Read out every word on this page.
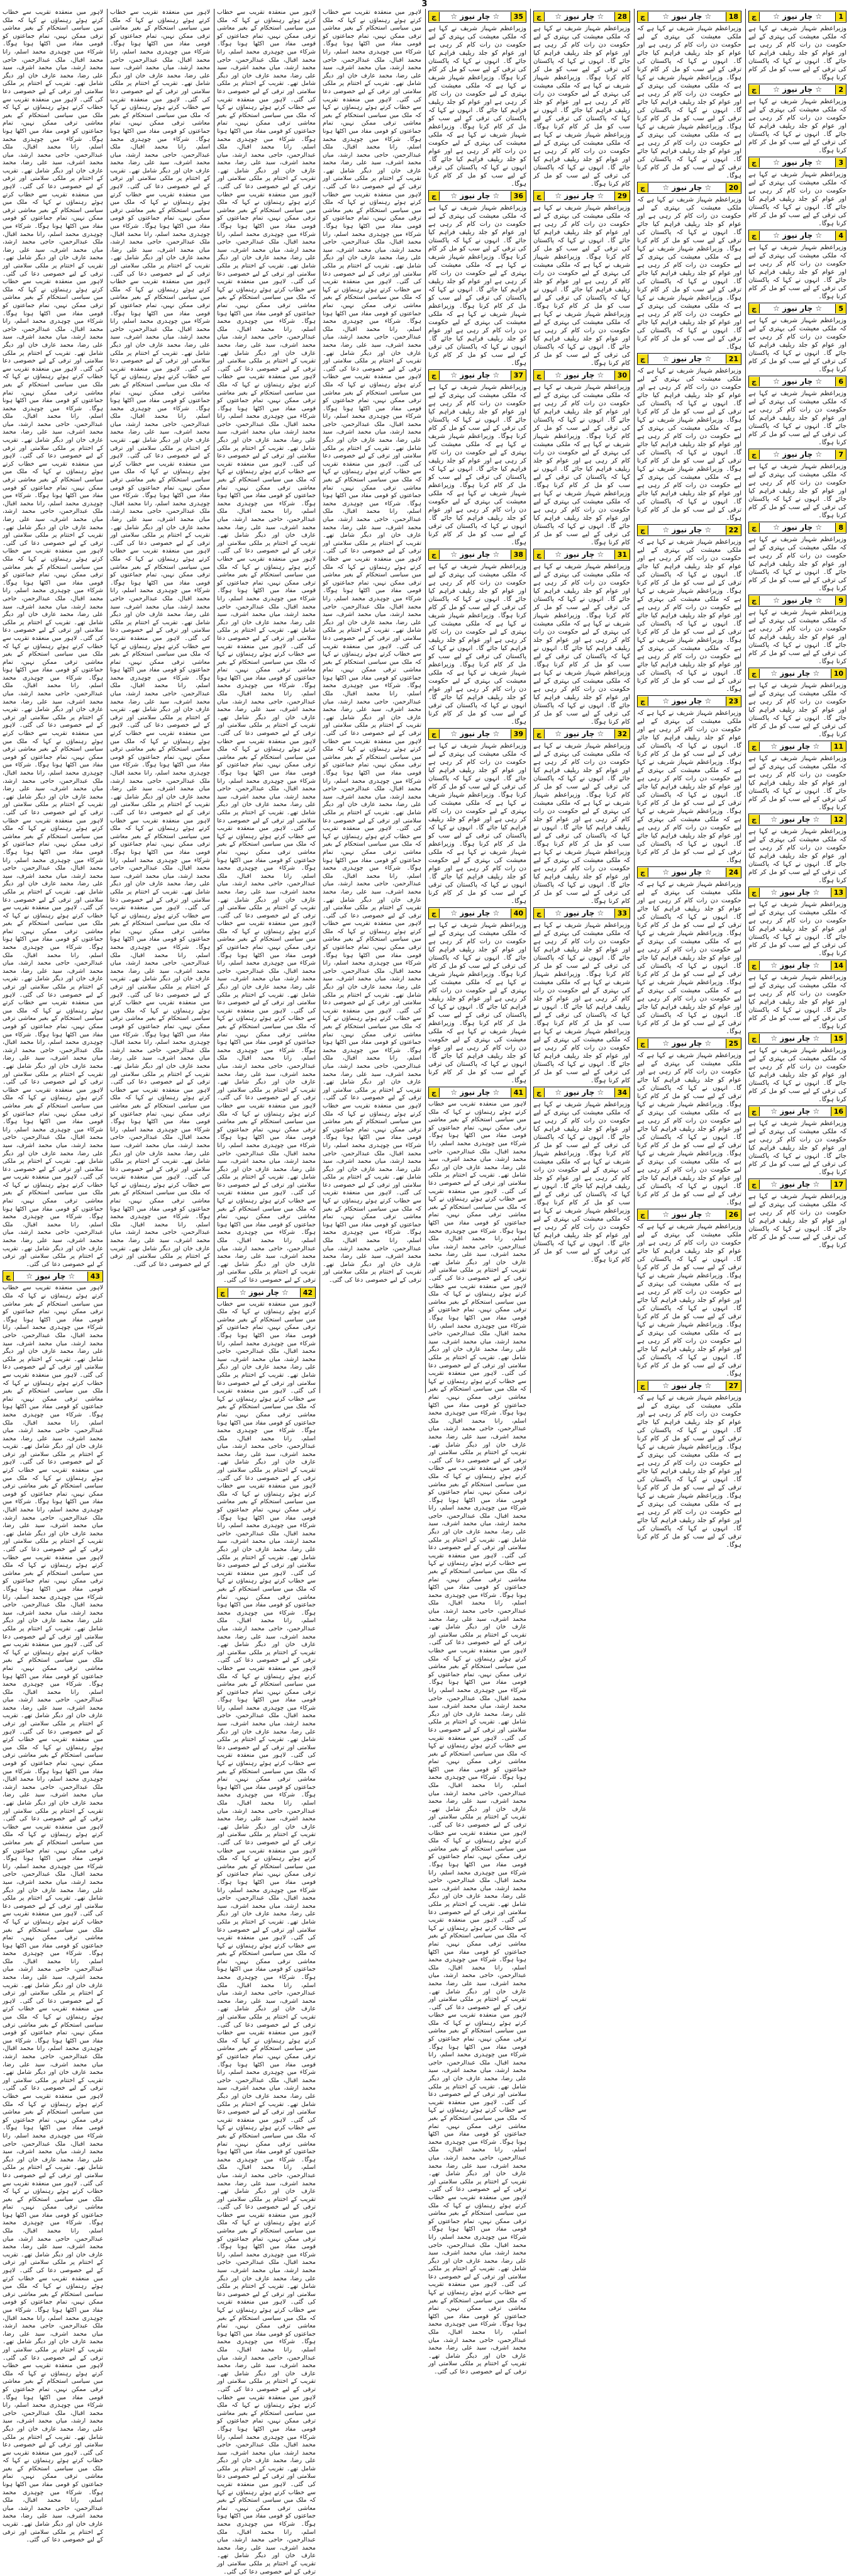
3
1
☆ چار نیوز ☆
چ
وزیراعظم شہباز شریف نے کہا ہے کہ ملکی معیشت کی بہتری کے لیے حکومت دن رات کام کر رہی ہے اور عوام کو جلد ریلیف فراہم کیا جائے گا۔ انہوں نے کہا کہ پاکستان کی ترقی کے لیے سب کو مل کر کام کرنا ہوگا۔
2
☆ چار نیوز ☆
چ
وزیراعظم شہباز شریف نے کہا ہے کہ ملکی معیشت کی بہتری کے لیے حکومت دن رات کام کر رہی ہے اور عوام کو جلد ریلیف فراہم کیا جائے گا۔ انہوں نے کہا کہ پاکستان کی ترقی کے لیے سب کو مل کر کام کرنا ہوگا۔
3
☆ چار نیوز ☆
چ
وزیراعظم شہباز شریف نے کہا ہے کہ ملکی معیشت کی بہتری کے لیے حکومت دن رات کام کر رہی ہے اور عوام کو جلد ریلیف فراہم کیا جائے گا۔ انہوں نے کہا کہ پاکستان کی ترقی کے لیے سب کو مل کر کام کرنا ہوگا۔
4
☆ چار نیوز ☆
چ
وزیراعظم شہباز شریف نے کہا ہے کہ ملکی معیشت کی بہتری کے لیے حکومت دن رات کام کر رہی ہے اور عوام کو جلد ریلیف فراہم کیا جائے گا۔ انہوں نے کہا کہ پاکستان کی ترقی کے لیے سب کو مل کر کام کرنا ہوگا۔
5
☆ چار نیوز ☆
چ
وزیراعظم شہباز شریف نے کہا ہے کہ ملکی معیشت کی بہتری کے لیے حکومت دن رات کام کر رہی ہے اور عوام کو جلد ریلیف فراہم کیا جائے گا۔ انہوں نے کہا کہ پاکستان کی ترقی کے لیے سب کو مل کر کام کرنا ہوگا۔
6
☆ چار نیوز ☆
چ
وزیراعظم شہباز شریف نے کہا ہے کہ ملکی معیشت کی بہتری کے لیے حکومت دن رات کام کر رہی ہے اور عوام کو جلد ریلیف فراہم کیا جائے گا۔ انہوں نے کہا کہ پاکستان کی ترقی کے لیے سب کو مل کر کام کرنا ہوگا۔
7
☆ چار نیوز ☆
چ
وزیراعظم شہباز شریف نے کہا ہے کہ ملکی معیشت کی بہتری کے لیے حکومت دن رات کام کر رہی ہے اور عوام کو جلد ریلیف فراہم کیا جائے گا۔ انہوں نے کہا کہ پاکستان کی ترقی کے لیے سب کو مل کر کام کرنا ہوگا۔
8
☆ چار نیوز ☆
چ
وزیراعظم شہباز شریف نے کہا ہے کہ ملکی معیشت کی بہتری کے لیے حکومت دن رات کام کر رہی ہے اور عوام کو جلد ریلیف فراہم کیا جائے گا۔ انہوں نے کہا کہ پاکستان کی ترقی کے لیے سب کو مل کر کام کرنا ہوگا۔
9
☆ چار نیوز ☆
چ
وزیراعظم شہباز شریف نے کہا ہے کہ ملکی معیشت کی بہتری کے لیے حکومت دن رات کام کر رہی ہے اور عوام کو جلد ریلیف فراہم کیا جائے گا۔ انہوں نے کہا کہ پاکستان کی ترقی کے لیے سب کو مل کر کام کرنا ہوگا۔
10
☆ چار نیوز ☆
چ
وزیراعظم شہباز شریف نے کہا ہے کہ ملکی معیشت کی بہتری کے لیے حکومت دن رات کام کر رہی ہے اور عوام کو جلد ریلیف فراہم کیا جائے گا۔ انہوں نے کہا کہ پاکستان کی ترقی کے لیے سب کو مل کر کام کرنا ہوگا۔
11
☆ چار نیوز ☆
چ
وزیراعظم شہباز شریف نے کہا ہے کہ ملکی معیشت کی بہتری کے لیے حکومت دن رات کام کر رہی ہے اور عوام کو جلد ریلیف فراہم کیا جائے گا۔ انہوں نے کہا کہ پاکستان کی ترقی کے لیے سب کو مل کر کام کرنا ہوگا۔
12
☆ چار نیوز ☆
چ
وزیراعظم شہباز شریف نے کہا ہے کہ ملکی معیشت کی بہتری کے لیے حکومت دن رات کام کر رہی ہے اور عوام کو جلد ریلیف فراہم کیا جائے گا۔ انہوں نے کہا کہ پاکستان کی ترقی کے لیے سب کو مل کر کام کرنا ہوگا۔
13
☆ چار نیوز ☆
چ
وزیراعظم شہباز شریف نے کہا ہے کہ ملکی معیشت کی بہتری کے لیے حکومت دن رات کام کر رہی ہے اور عوام کو جلد ریلیف فراہم کیا جائے گا۔ انہوں نے کہا کہ پاکستان کی ترقی کے لیے سب کو مل کر کام کرنا ہوگا۔
14
☆ چار نیوز ☆
چ
وزیراعظم شہباز شریف نے کہا ہے کہ ملکی معیشت کی بہتری کے لیے حکومت دن رات کام کر رہی ہے اور عوام کو جلد ریلیف فراہم کیا جائے گا۔ انہوں نے کہا کہ پاکستان کی ترقی کے لیے سب کو مل کر کام کرنا ہوگا۔
15
☆ چار نیوز ☆
چ
وزیراعظم شہباز شریف نے کہا ہے کہ ملکی معیشت کی بہتری کے لیے حکومت دن رات کام کر رہی ہے اور عوام کو جلد ریلیف فراہم کیا جائے گا۔ انہوں نے کہا کہ پاکستان کی ترقی کے لیے سب کو مل کر کام کرنا ہوگا۔
16
☆ چار نیوز ☆
چ
وزیراعظم شہباز شریف نے کہا ہے کہ ملکی معیشت کی بہتری کے لیے حکومت دن رات کام کر رہی ہے اور عوام کو جلد ریلیف فراہم کیا جائے گا۔ انہوں نے کہا کہ پاکستان کی ترقی کے لیے سب کو مل کر کام کرنا ہوگا۔
17
☆ چار نیوز ☆
چ
وزیراعظم شہباز شریف نے کہا ہے کہ ملکی معیشت کی بہتری کے لیے حکومت دن رات کام کر رہی ہے اور عوام کو جلد ریلیف فراہم کیا جائے گا۔ انہوں نے کہا کہ پاکستان کی ترقی کے لیے سب کو مل کر کام کرنا ہوگا۔
18
☆ چار نیوز ☆
چ
وزیراعظم شہباز شریف نے کہا ہے کہ ملکی معیشت کی بہتری کے لیے حکومت دن رات کام کر رہی ہے اور عوام کو جلد ریلیف فراہم کیا جائے گا۔ انہوں نے کہا کہ پاکستان کی ترقی کے لیے سب کو مل کر کام کرنا ہوگا۔ وزیراعظم شہباز شریف نے کہا ہے کہ ملکی معیشت کی بہتری کے لیے حکومت دن رات کام کر رہی ہے اور عوام کو جلد ریلیف فراہم کیا جائے گا۔ انہوں نے کہا کہ پاکستان کی ترقی کے لیے سب کو مل کر کام کرنا ہوگا۔ وزیراعظم شہباز شریف نے کہا ہے کہ ملکی معیشت کی بہتری کے لیے حکومت دن رات کام کر رہی ہے اور عوام کو جلد ریلیف فراہم کیا جائے گا۔ انہوں نے کہا کہ پاکستان کی ترقی کے لیے سب کو مل کر کام کرنا ہوگا۔
20
☆ چار نیوز ☆
چ
وزیراعظم شہباز شریف نے کہا ہے کہ ملکی معیشت کی بہتری کے لیے حکومت دن رات کام کر رہی ہے اور عوام کو جلد ریلیف فراہم کیا جائے گا۔ انہوں نے کہا کہ پاکستان کی ترقی کے لیے سب کو مل کر کام کرنا ہوگا۔ وزیراعظم شہباز شریف نے کہا ہے کہ ملکی معیشت کی بہتری کے لیے حکومت دن رات کام کر رہی ہے اور عوام کو جلد ریلیف فراہم کیا جائے گا۔ انہوں نے کہا کہ پاکستان کی ترقی کے لیے سب کو مل کر کام کرنا ہوگا۔ وزیراعظم شہباز شریف نے کہا ہے کہ ملکی معیشت کی بہتری کے لیے حکومت دن رات کام کر رہی ہے اور عوام کو جلد ریلیف فراہم کیا جائے گا۔ انہوں نے کہا کہ پاکستان کی ترقی کے لیے سب کو مل کر کام کرنا ہوگا۔
21
☆ چار نیوز ☆
چ
وزیراعظم شہباز شریف نے کہا ہے کہ ملکی معیشت کی بہتری کے لیے حکومت دن رات کام کر رہی ہے اور عوام کو جلد ریلیف فراہم کیا جائے گا۔ انہوں نے کہا کہ پاکستان کی ترقی کے لیے سب کو مل کر کام کرنا ہوگا۔ وزیراعظم شہباز شریف نے کہا ہے کہ ملکی معیشت کی بہتری کے لیے حکومت دن رات کام کر رہی ہے اور عوام کو جلد ریلیف فراہم کیا جائے گا۔ انہوں نے کہا کہ پاکستان کی ترقی کے لیے سب کو مل کر کام کرنا ہوگا۔ وزیراعظم شہباز شریف نے کہا ہے کہ ملکی معیشت کی بہتری کے لیے حکومت دن رات کام کر رہی ہے اور عوام کو جلد ریلیف فراہم کیا جائے گا۔ انہوں نے کہا کہ پاکستان کی ترقی کے لیے سب کو مل کر کام کرنا ہوگا۔
22
☆ چار نیوز ☆
چ
وزیراعظم شہباز شریف نے کہا ہے کہ ملکی معیشت کی بہتری کے لیے حکومت دن رات کام کر رہی ہے اور عوام کو جلد ریلیف فراہم کیا جائے گا۔ انہوں نے کہا کہ پاکستان کی ترقی کے لیے سب کو مل کر کام کرنا ہوگا۔ وزیراعظم شہباز شریف نے کہا ہے کہ ملکی معیشت کی بہتری کے لیے حکومت دن رات کام کر رہی ہے اور عوام کو جلد ریلیف فراہم کیا جائے گا۔ انہوں نے کہا کہ پاکستان کی ترقی کے لیے سب کو مل کر کام کرنا ہوگا۔ وزیراعظم شہباز شریف نے کہا ہے کہ ملکی معیشت کی بہتری کے لیے حکومت دن رات کام کر رہی ہے اور عوام کو جلد ریلیف فراہم کیا جائے گا۔ انہوں نے کہا کہ پاکستان کی ترقی کے لیے سب کو مل کر کام کرنا ہوگا۔
23
☆ چار نیوز ☆
چ
وزیراعظم شہباز شریف نے کہا ہے کہ ملکی معیشت کی بہتری کے لیے حکومت دن رات کام کر رہی ہے اور عوام کو جلد ریلیف فراہم کیا جائے گا۔ انہوں نے کہا کہ پاکستان کی ترقی کے لیے سب کو مل کر کام کرنا ہوگا۔ وزیراعظم شہباز شریف نے کہا ہے کہ ملکی معیشت کی بہتری کے لیے حکومت دن رات کام کر رہی ہے اور عوام کو جلد ریلیف فراہم کیا جائے گا۔ انہوں نے کہا کہ پاکستان کی ترقی کے لیے سب کو مل کر کام کرنا ہوگا۔ وزیراعظم شہباز شریف نے کہا ہے کہ ملکی معیشت کی بہتری کے لیے حکومت دن رات کام کر رہی ہے اور عوام کو جلد ریلیف فراہم کیا جائے گا۔ انہوں نے کہا کہ پاکستان کی ترقی کے لیے سب کو مل کر کام کرنا ہوگا۔
24
☆ چار نیوز ☆
چ
وزیراعظم شہباز شریف نے کہا ہے کہ ملکی معیشت کی بہتری کے لیے حکومت دن رات کام کر رہی ہے اور عوام کو جلد ریلیف فراہم کیا جائے گا۔ انہوں نے کہا کہ پاکستان کی ترقی کے لیے سب کو مل کر کام کرنا ہوگا۔ وزیراعظم شہباز شریف نے کہا ہے کہ ملکی معیشت کی بہتری کے لیے حکومت دن رات کام کر رہی ہے اور عوام کو جلد ریلیف فراہم کیا جائے گا۔ انہوں نے کہا کہ پاکستان کی ترقی کے لیے سب کو مل کر کام کرنا ہوگا۔ وزیراعظم شہباز شریف نے کہا ہے کہ ملکی معیشت کی بہتری کے لیے حکومت دن رات کام کر رہی ہے اور عوام کو جلد ریلیف فراہم کیا جائے گا۔ انہوں نے کہا کہ پاکستان کی ترقی کے لیے سب کو مل کر کام کرنا ہوگا۔
25
☆ چار نیوز ☆
چ
وزیراعظم شہباز شریف نے کہا ہے کہ ملکی معیشت کی بہتری کے لیے حکومت دن رات کام کر رہی ہے اور عوام کو جلد ریلیف فراہم کیا جائے گا۔ انہوں نے کہا کہ پاکستان کی ترقی کے لیے سب کو مل کر کام کرنا ہوگا۔ وزیراعظم شہباز شریف نے کہا ہے کہ ملکی معیشت کی بہتری کے لیے حکومت دن رات کام کر رہی ہے اور عوام کو جلد ریلیف فراہم کیا جائے گا۔ انہوں نے کہا کہ پاکستان کی ترقی کے لیے سب کو مل کر کام کرنا ہوگا۔ وزیراعظم شہباز شریف نے کہا ہے کہ ملکی معیشت کی بہتری کے لیے حکومت دن رات کام کر رہی ہے اور عوام کو جلد ریلیف فراہم کیا جائے گا۔ انہوں نے کہا کہ پاکستان کی ترقی کے لیے سب کو مل کر کام کرنا ہوگا۔
26
☆ چار نیوز ☆
چ
وزیراعظم شہباز شریف نے کہا ہے کہ ملکی معیشت کی بہتری کے لیے حکومت دن رات کام کر رہی ہے اور عوام کو جلد ریلیف فراہم کیا جائے گا۔ انہوں نے کہا کہ پاکستان کی ترقی کے لیے سب کو مل کر کام کرنا ہوگا۔ وزیراعظم شہباز شریف نے کہا ہے کہ ملکی معیشت کی بہتری کے لیے حکومت دن رات کام کر رہی ہے اور عوام کو جلد ریلیف فراہم کیا جائے گا۔ انہوں نے کہا کہ پاکستان کی ترقی کے لیے سب کو مل کر کام کرنا ہوگا۔ وزیراعظم شہباز شریف نے کہا ہے کہ ملکی معیشت کی بہتری کے لیے حکومت دن رات کام کر رہی ہے اور عوام کو جلد ریلیف فراہم کیا جائے گا۔ انہوں نے کہا کہ پاکستان کی ترقی کے لیے سب کو مل کر کام کرنا ہوگا۔
27
☆ چار نیوز ☆
چ
وزیراعظم شہباز شریف نے کہا ہے کہ ملکی معیشت کی بہتری کے لیے حکومت دن رات کام کر رہی ہے اور عوام کو جلد ریلیف فراہم کیا جائے گا۔ انہوں نے کہا کہ پاکستان کی ترقی کے لیے سب کو مل کر کام کرنا ہوگا۔ وزیراعظم شہباز شریف نے کہا ہے کہ ملکی معیشت کی بہتری کے لیے حکومت دن رات کام کر رہی ہے اور عوام کو جلد ریلیف فراہم کیا جائے گا۔ انہوں نے کہا کہ پاکستان کی ترقی کے لیے سب کو مل کر کام کرنا ہوگا۔ وزیراعظم شہباز شریف نے کہا ہے کہ ملکی معیشت کی بہتری کے لیے حکومت دن رات کام کر رہی ہے اور عوام کو جلد ریلیف فراہم کیا جائے گا۔ انہوں نے کہا کہ پاکستان کی ترقی کے لیے سب کو مل کر کام کرنا ہوگا۔
28
☆ چار نیوز ☆
چ
وزیراعظم شہباز شریف نے کہا ہے کہ ملکی معیشت کی بہتری کے لیے حکومت دن رات کام کر رہی ہے اور عوام کو جلد ریلیف فراہم کیا جائے گا۔ انہوں نے کہا کہ پاکستان کی ترقی کے لیے سب کو مل کر کام کرنا ہوگا۔ وزیراعظم شہباز شریف نے کہا ہے کہ ملکی معیشت کی بہتری کے لیے حکومت دن رات کام کر رہی ہے اور عوام کو جلد ریلیف فراہم کیا جائے گا۔ انہوں نے کہا کہ پاکستان کی ترقی کے لیے سب کو مل کر کام کرنا ہوگا۔ وزیراعظم شہباز شریف نے کہا ہے کہ ملکی معیشت کی بہتری کے لیے حکومت دن رات کام کر رہی ہے اور عوام کو جلد ریلیف فراہم کیا جائے گا۔ انہوں نے کہا کہ پاکستان کی ترقی کے لیے سب کو مل کر کام کرنا ہوگا۔
29
☆ چار نیوز ☆
چ
وزیراعظم شہباز شریف نے کہا ہے کہ ملکی معیشت کی بہتری کے لیے حکومت دن رات کام کر رہی ہے اور عوام کو جلد ریلیف فراہم کیا جائے گا۔ انہوں نے کہا کہ پاکستان کی ترقی کے لیے سب کو مل کر کام کرنا ہوگا۔ وزیراعظم شہباز شریف نے کہا ہے کہ ملکی معیشت کی بہتری کے لیے حکومت دن رات کام کر رہی ہے اور عوام کو جلد ریلیف فراہم کیا جائے گا۔ انہوں نے کہا کہ پاکستان کی ترقی کے لیے سب کو مل کر کام کرنا ہوگا۔ وزیراعظم شہباز شریف نے کہا ہے کہ ملکی معیشت کی بہتری کے لیے حکومت دن رات کام کر رہی ہے اور عوام کو جلد ریلیف فراہم کیا جائے گا۔ انہوں نے کہا کہ پاکستان کی ترقی کے لیے سب کو مل کر کام کرنا ہوگا۔
30
☆ چار نیوز ☆
چ
وزیراعظم شہباز شریف نے کہا ہے کہ ملکی معیشت کی بہتری کے لیے حکومت دن رات کام کر رہی ہے اور عوام کو جلد ریلیف فراہم کیا جائے گا۔ انہوں نے کہا کہ پاکستان کی ترقی کے لیے سب کو مل کر کام کرنا ہوگا۔ وزیراعظم شہباز شریف نے کہا ہے کہ ملکی معیشت کی بہتری کے لیے حکومت دن رات کام کر رہی ہے اور عوام کو جلد ریلیف فراہم کیا جائے گا۔ انہوں نے کہا کہ پاکستان کی ترقی کے لیے سب کو مل کر کام کرنا ہوگا۔ وزیراعظم شہباز شریف نے کہا ہے کہ ملکی معیشت کی بہتری کے لیے حکومت دن رات کام کر رہی ہے اور عوام کو جلد ریلیف فراہم کیا جائے گا۔ انہوں نے کہا کہ پاکستان کی ترقی کے لیے سب کو مل کر کام کرنا ہوگا۔
31
☆ چار نیوز ☆
چ
وزیراعظم شہباز شریف نے کہا ہے کہ ملکی معیشت کی بہتری کے لیے حکومت دن رات کام کر رہی ہے اور عوام کو جلد ریلیف فراہم کیا جائے گا۔ انہوں نے کہا کہ پاکستان کی ترقی کے لیے سب کو مل کر کام کرنا ہوگا۔ وزیراعظم شہباز شریف نے کہا ہے کہ ملکی معیشت کی بہتری کے لیے حکومت دن رات کام کر رہی ہے اور عوام کو جلد ریلیف فراہم کیا جائے گا۔ انہوں نے کہا کہ پاکستان کی ترقی کے لیے سب کو مل کر کام کرنا ہوگا۔ وزیراعظم شہباز شریف نے کہا ہے کہ ملکی معیشت کی بہتری کے لیے حکومت دن رات کام کر رہی ہے اور عوام کو جلد ریلیف فراہم کیا جائے گا۔ انہوں نے کہا کہ پاکستان کی ترقی کے لیے سب کو مل کر کام کرنا ہوگا۔
32
☆ چار نیوز ☆
چ
وزیراعظم شہباز شریف نے کہا ہے کہ ملکی معیشت کی بہتری کے لیے حکومت دن رات کام کر رہی ہے اور عوام کو جلد ریلیف فراہم کیا جائے گا۔ انہوں نے کہا کہ پاکستان کی ترقی کے لیے سب کو مل کر کام کرنا ہوگا۔ وزیراعظم شہباز شریف نے کہا ہے کہ ملکی معیشت کی بہتری کے لیے حکومت دن رات کام کر رہی ہے اور عوام کو جلد ریلیف فراہم کیا جائے گا۔ انہوں نے کہا کہ پاکستان کی ترقی کے لیے سب کو مل کر کام کرنا ہوگا۔ وزیراعظم شہباز شریف نے کہا ہے کہ ملکی معیشت کی بہتری کے لیے حکومت دن رات کام کر رہی ہے اور عوام کو جلد ریلیف فراہم کیا جائے گا۔ انہوں نے کہا کہ پاکستان کی ترقی کے لیے سب کو مل کر کام کرنا ہوگا۔
33
☆ چار نیوز ☆
چ
وزیراعظم شہباز شریف نے کہا ہے کہ ملکی معیشت کی بہتری کے لیے حکومت دن رات کام کر رہی ہے اور عوام کو جلد ریلیف فراہم کیا جائے گا۔ انہوں نے کہا کہ پاکستان کی ترقی کے لیے سب کو مل کر کام کرنا ہوگا۔ وزیراعظم شہباز شریف نے کہا ہے کہ ملکی معیشت کی بہتری کے لیے حکومت دن رات کام کر رہی ہے اور عوام کو جلد ریلیف فراہم کیا جائے گا۔ انہوں نے کہا کہ پاکستان کی ترقی کے لیے سب کو مل کر کام کرنا ہوگا۔ وزیراعظم شہباز شریف نے کہا ہے کہ ملکی معیشت کی بہتری کے لیے حکومت دن رات کام کر رہی ہے اور عوام کو جلد ریلیف فراہم کیا جائے گا۔ انہوں نے کہا کہ پاکستان کی ترقی کے لیے سب کو مل کر کام کرنا ہوگا۔
34
☆ چار نیوز ☆
چ
وزیراعظم شہباز شریف نے کہا ہے کہ ملکی معیشت کی بہتری کے لیے حکومت دن رات کام کر رہی ہے اور عوام کو جلد ریلیف فراہم کیا جائے گا۔ انہوں نے کہا کہ پاکستان کی ترقی کے لیے سب کو مل کر کام کرنا ہوگا۔ وزیراعظم شہباز شریف نے کہا ہے کہ ملکی معیشت کی بہتری کے لیے حکومت دن رات کام کر رہی ہے اور عوام کو جلد ریلیف فراہم کیا جائے گا۔ انہوں نے کہا کہ پاکستان کی ترقی کے لیے سب کو مل کر کام کرنا ہوگا۔ وزیراعظم شہباز شریف نے کہا ہے کہ ملکی معیشت کی بہتری کے لیے حکومت دن رات کام کر رہی ہے اور عوام کو جلد ریلیف فراہم کیا جائے گا۔ انہوں نے کہا کہ پاکستان کی ترقی کے لیے سب کو مل کر کام کرنا ہوگا۔
35
☆ چار نیوز ☆
چ
وزیراعظم شہباز شریف نے کہا ہے کہ ملکی معیشت کی بہتری کے لیے حکومت دن رات کام کر رہی ہے اور عوام کو جلد ریلیف فراہم کیا جائے گا۔ انہوں نے کہا کہ پاکستان کی ترقی کے لیے سب کو مل کر کام کرنا ہوگا۔ وزیراعظم شہباز شریف نے کہا ہے کہ ملکی معیشت کی بہتری کے لیے حکومت دن رات کام کر رہی ہے اور عوام کو جلد ریلیف فراہم کیا جائے گا۔ انہوں نے کہا کہ پاکستان کی ترقی کے لیے سب کو مل کر کام کرنا ہوگا۔ وزیراعظم شہباز شریف نے کہا ہے کہ ملکی معیشت کی بہتری کے لیے حکومت دن رات کام کر رہی ہے اور عوام کو جلد ریلیف فراہم کیا جائے گا۔ انہوں نے کہا کہ پاکستان کی ترقی کے لیے سب کو مل کر کام کرنا ہوگا۔
36
☆ چار نیوز ☆
چ
وزیراعظم شہباز شریف نے کہا ہے کہ ملکی معیشت کی بہتری کے لیے حکومت دن رات کام کر رہی ہے اور عوام کو جلد ریلیف فراہم کیا جائے گا۔ انہوں نے کہا کہ پاکستان کی ترقی کے لیے سب کو مل کر کام کرنا ہوگا۔ وزیراعظم شہباز شریف نے کہا ہے کہ ملکی معیشت کی بہتری کے لیے حکومت دن رات کام کر رہی ہے اور عوام کو جلد ریلیف فراہم کیا جائے گا۔ انہوں نے کہا کہ پاکستان کی ترقی کے لیے سب کو مل کر کام کرنا ہوگا۔ وزیراعظم شہباز شریف نے کہا ہے کہ ملکی معیشت کی بہتری کے لیے حکومت دن رات کام کر رہی ہے اور عوام کو جلد ریلیف فراہم کیا جائے گا۔ انہوں نے کہا کہ پاکستان کی ترقی کے لیے سب کو مل کر کام کرنا ہوگا۔
37
☆ چار نیوز ☆
چ
وزیراعظم شہباز شریف نے کہا ہے کہ ملکی معیشت کی بہتری کے لیے حکومت دن رات کام کر رہی ہے اور عوام کو جلد ریلیف فراہم کیا جائے گا۔ انہوں نے کہا کہ پاکستان کی ترقی کے لیے سب کو مل کر کام کرنا ہوگا۔ وزیراعظم شہباز شریف نے کہا ہے کہ ملکی معیشت کی بہتری کے لیے حکومت دن رات کام کر رہی ہے اور عوام کو جلد ریلیف فراہم کیا جائے گا۔ انہوں نے کہا کہ پاکستان کی ترقی کے لیے سب کو مل کر کام کرنا ہوگا۔ وزیراعظم شہباز شریف نے کہا ہے کہ ملکی معیشت کی بہتری کے لیے حکومت دن رات کام کر رہی ہے اور عوام کو جلد ریلیف فراہم کیا جائے گا۔ انہوں نے کہا کہ پاکستان کی ترقی کے لیے سب کو مل کر کام کرنا ہوگا۔
38
☆ چار نیوز ☆
چ
وزیراعظم شہباز شریف نے کہا ہے کہ ملکی معیشت کی بہتری کے لیے حکومت دن رات کام کر رہی ہے اور عوام کو جلد ریلیف فراہم کیا جائے گا۔ انہوں نے کہا کہ پاکستان کی ترقی کے لیے سب کو مل کر کام کرنا ہوگا۔ وزیراعظم شہباز شریف نے کہا ہے کہ ملکی معیشت کی بہتری کے لیے حکومت دن رات کام کر رہی ہے اور عوام کو جلد ریلیف فراہم کیا جائے گا۔ انہوں نے کہا کہ پاکستان کی ترقی کے لیے سب کو مل کر کام کرنا ہوگا۔ وزیراعظم شہباز شریف نے کہا ہے کہ ملکی معیشت کی بہتری کے لیے حکومت دن رات کام کر رہی ہے اور عوام کو جلد ریلیف فراہم کیا جائے گا۔ انہوں نے کہا کہ پاکستان کی ترقی کے لیے سب کو مل کر کام کرنا ہوگا۔
39
☆ چار نیوز ☆
چ
وزیراعظم شہباز شریف نے کہا ہے کہ ملکی معیشت کی بہتری کے لیے حکومت دن رات کام کر رہی ہے اور عوام کو جلد ریلیف فراہم کیا جائے گا۔ انہوں نے کہا کہ پاکستان کی ترقی کے لیے سب کو مل کر کام کرنا ہوگا۔ وزیراعظم شہباز شریف نے کہا ہے کہ ملکی معیشت کی بہتری کے لیے حکومت دن رات کام کر رہی ہے اور عوام کو جلد ریلیف فراہم کیا جائے گا۔ انہوں نے کہا کہ پاکستان کی ترقی کے لیے سب کو مل کر کام کرنا ہوگا۔ وزیراعظم شہباز شریف نے کہا ہے کہ ملکی معیشت کی بہتری کے لیے حکومت دن رات کام کر رہی ہے اور عوام کو جلد ریلیف فراہم کیا جائے گا۔ انہوں نے کہا کہ پاکستان کی ترقی کے لیے سب کو مل کر کام کرنا ہوگا۔
40
☆ چار نیوز ☆
چ
وزیراعظم شہباز شریف نے کہا ہے کہ ملکی معیشت کی بہتری کے لیے حکومت دن رات کام کر رہی ہے اور عوام کو جلد ریلیف فراہم کیا جائے گا۔ انہوں نے کہا کہ پاکستان کی ترقی کے لیے سب کو مل کر کام کرنا ہوگا۔ وزیراعظم شہباز شریف نے کہا ہے کہ ملکی معیشت کی بہتری کے لیے حکومت دن رات کام کر رہی ہے اور عوام کو جلد ریلیف فراہم کیا جائے گا۔ انہوں نے کہا کہ پاکستان کی ترقی کے لیے سب کو مل کر کام کرنا ہوگا۔ وزیراعظم شہباز شریف نے کہا ہے کہ ملکی معیشت کی بہتری کے لیے حکومت دن رات کام کر رہی ہے اور عوام کو جلد ریلیف فراہم کیا جائے گا۔ انہوں نے کہا کہ پاکستان کی ترقی کے لیے سب کو مل کر کام کرنا ہوگا۔
41
☆ چار نیوز ☆
چ
لاہور میں منعقدہ تقریب سے خطاب کرتے ہوئے رہنماؤں نے کہا کہ ملک میں سیاسی استحکام کے بغیر معاشی ترقی ممکن نہیں، تمام جماعتوں کو قومی مفاد میں اکٹھا ہونا ہوگا۔ شرکاء میں چوہدری محمد اسلم، رانا محمد اقبال، ملک عبدالرحمن، حاجی محمد ارشد، میاں محمد اشرف، سید علی رضا، محمد عارف خان اور دیگر شامل تھے۔ تقریب کے اختتام پر ملکی سلامتی اور ترقی کے لیے خصوصی دعا کی گئی۔ لاہور میں منعقدہ تقریب سے خطاب کرتے ہوئے رہنماؤں نے کہا کہ ملک میں سیاسی استحکام کے بغیر معاشی ترقی ممکن نہیں، تمام جماعتوں کو قومی مفاد میں اکٹھا ہونا ہوگا۔ شرکاء میں چوہدری محمد اسلم، رانا محمد اقبال، ملک عبدالرحمن، حاجی محمد ارشد، میاں محمد اشرف، سید علی رضا، محمد عارف خان اور دیگر شامل تھے۔ تقریب کے اختتام پر ملکی سلامتی اور ترقی کے لیے خصوصی دعا کی گئی۔ لاہور میں منعقدہ تقریب سے خطاب کرتے ہوئے رہنماؤں نے کہا کہ ملک میں سیاسی استحکام کے بغیر معاشی ترقی ممکن نہیں، تمام جماعتوں کو قومی مفاد میں اکٹھا ہونا ہوگا۔ شرکاء میں چوہدری محمد اسلم، رانا محمد اقبال، ملک عبدالرحمن، حاجی محمد ارشد، میاں محمد اشرف، سید علی رضا، محمد عارف خان اور دیگر شامل تھے۔ تقریب کے اختتام پر ملکی سلامتی اور ترقی کے لیے خصوصی دعا کی گئی۔ لاہور میں منعقدہ تقریب سے خطاب کرتے ہوئے رہنماؤں نے کہا کہ ملک میں سیاسی استحکام کے بغیر معاشی ترقی ممکن نہیں، تمام جماعتوں کو قومی مفاد میں اکٹھا ہونا ہوگا۔ شرکاء میں چوہدری محمد اسلم، رانا محمد اقبال، ملک عبدالرحمن، حاجی محمد ارشد، میاں محمد اشرف، سید علی رضا، محمد عارف خان اور دیگر شامل تھے۔ تقریب کے اختتام پر ملکی سلامتی اور ترقی کے لیے خصوصی دعا کی گئی۔ لاہور میں منعقدہ تقریب سے خطاب کرتے ہوئے رہنماؤں نے کہا کہ ملک میں سیاسی استحکام کے بغیر معاشی ترقی ممکن نہیں، تمام جماعتوں کو قومی مفاد میں اکٹھا ہونا ہوگا۔ شرکاء میں چوہدری محمد اسلم، رانا محمد اقبال، ملک عبدالرحمن، حاجی محمد ارشد، میاں محمد اشرف، سید علی رضا، محمد عارف خان اور دیگر شامل تھے۔ تقریب کے اختتام پر ملکی سلامتی اور ترقی کے لیے خصوصی دعا کی گئی۔ لاہور میں منعقدہ تقریب سے خطاب کرتے ہوئے رہنماؤں نے کہا کہ ملک میں سیاسی استحکام کے بغیر معاشی ترقی ممکن نہیں، تمام جماعتوں کو قومی مفاد میں اکٹھا ہونا ہوگا۔ شرکاء میں چوہدری محمد اسلم، رانا محمد اقبال، ملک عبدالرحمن، حاجی محمد ارشد، میاں محمد اشرف، سید علی رضا، محمد عارف خان اور دیگر شامل تھے۔ تقریب کے اختتام پر ملکی سلامتی اور ترقی کے لیے خصوصی دعا کی گئی۔ لاہور میں منعقدہ تقریب سے خطاب کرتے ہوئے رہنماؤں نے کہا کہ ملک میں سیاسی استحکام کے بغیر معاشی ترقی ممکن نہیں، تمام جماعتوں کو قومی مفاد میں اکٹھا ہونا ہوگا۔ شرکاء میں چوہدری محمد اسلم، رانا محمد اقبال، ملک عبدالرحمن، حاجی محمد ارشد، میاں محمد اشرف، سید علی رضا، محمد عارف خان اور دیگر شامل تھے۔ تقریب کے اختتام پر ملکی سلامتی اور ترقی کے لیے خصوصی دعا کی گئی۔ لاہور میں منعقدہ تقریب سے خطاب کرتے ہوئے رہنماؤں نے کہا کہ ملک میں سیاسی استحکام کے بغیر معاشی ترقی ممکن نہیں، تمام جماعتوں کو قومی مفاد میں اکٹھا ہونا ہوگا۔ شرکاء میں چوہدری محمد اسلم، رانا محمد اقبال، ملک عبدالرحمن، حاجی محمد ارشد، میاں محمد اشرف، سید علی رضا، محمد عارف خان اور دیگر شامل تھے۔ تقریب کے اختتام پر ملکی سلامتی اور ترقی کے لیے خصوصی دعا کی گئی۔ لاہور میں منعقدہ تقریب سے خطاب کرتے ہوئے رہنماؤں نے کہا کہ ملک میں سیاسی استحکام کے بغیر معاشی ترقی ممکن نہیں، تمام جماعتوں کو قومی مفاد میں اکٹھا ہونا ہوگا۔ شرکاء میں چوہدری محمد اسلم، رانا محمد اقبال، ملک عبدالرحمن، حاجی محمد ارشد، میاں محمد اشرف، سید علی رضا، محمد عارف خان اور دیگر شامل تھے۔ تقریب کے اختتام پر ملکی سلامتی اور ترقی کے لیے خصوصی دعا کی گئی۔ لاہور میں منعقدہ تقریب سے خطاب کرتے ہوئے رہنماؤں نے کہا کہ ملک میں سیاسی استحکام کے بغیر معاشی ترقی ممکن نہیں، تمام جماعتوں کو قومی مفاد میں اکٹھا ہونا ہوگا۔ شرکاء میں چوہدری محمد اسلم، رانا محمد اقبال، ملک عبدالرحمن، حاجی محمد ارشد، میاں محمد اشرف، سید علی رضا، محمد عارف خان اور دیگر شامل تھے۔ تقریب کے اختتام پر ملکی سلامتی اور ترقی کے لیے خصوصی دعا کی گئی۔ لاہور میں منعقدہ تقریب سے خطاب کرتے ہوئے رہنماؤں نے کہا کہ ملک میں سیاسی استحکام کے بغیر معاشی ترقی ممکن نہیں، تمام جماعتوں کو قومی مفاد میں اکٹھا ہونا ہوگا۔ شرکاء میں چوہدری محمد اسلم، رانا محمد اقبال، ملک عبدالرحمن، حاجی محمد ارشد، میاں محمد اشرف، سید علی رضا، محمد عارف خان اور دیگر شامل تھے۔ تقریب کے اختتام پر ملکی سلامتی اور ترقی کے لیے خصوصی دعا کی گئی۔ لاہور میں منعقدہ تقریب سے خطاب کرتے ہوئے رہنماؤں نے کہا کہ ملک میں سیاسی استحکام کے بغیر معاشی ترقی ممکن نہیں، تمام جماعتوں کو قومی مفاد میں اکٹھا ہونا ہوگا۔ شرکاء میں چوہدری محمد اسلم، رانا محمد اقبال، ملک عبدالرحمن، حاجی محمد ارشد، میاں محمد اشرف، سید علی رضا، محمد عارف خان اور دیگر شامل تھے۔ تقریب کے اختتام پر ملکی سلامتی اور ترقی کے لیے خصوصی دعا کی گئی۔ لاہور میں منعقدہ تقریب سے خطاب کرتے ہوئے رہنماؤں نے کہا کہ ملک میں سیاسی استحکام کے بغیر معاشی ترقی ممکن نہیں، تمام جماعتوں کو قومی مفاد میں اکٹھا ہونا ہوگا۔ شرکاء میں چوہدری محمد اسلم، رانا محمد اقبال، ملک عبدالرحمن، حاجی محمد ارشد، میاں محمد اشرف، سید علی رضا، محمد عارف خان اور دیگر شامل تھے۔ تقریب کے اختتام پر ملکی سلامتی اور ترقی کے لیے خصوصی دعا کی گئی۔ لاہور میں منعقدہ تقریب سے خطاب کرتے ہوئے رہنماؤں نے کہا کہ ملک میں سیاسی استحکام کے بغیر معاشی ترقی ممکن نہیں، تمام جماعتوں کو قومی مفاد میں اکٹھا ہونا ہوگا۔ شرکاء میں چوہدری محمد اسلم، رانا محمد اقبال، ملک عبدالرحمن، حاجی محمد ارشد، میاں محمد اشرف، سید علی رضا، محمد عارف خان اور دیگر شامل تھے۔ تقریب کے اختتام پر ملکی سلامتی اور ترقی کے لیے خصوصی دعا کی گئی۔
لاہور میں منعقدہ تقریب سے خطاب کرتے ہوئے رہنماؤں نے کہا کہ ملک میں سیاسی استحکام کے بغیر معاشی ترقی ممکن نہیں، تمام جماعتوں کو قومی مفاد میں اکٹھا ہونا ہوگا۔ شرکاء میں چوہدری محمد اسلم، رانا محمد اقبال، ملک عبدالرحمن، حاجی محمد ارشد، میاں محمد اشرف، سید علی رضا، محمد عارف خان اور دیگر شامل تھے۔ تقریب کے اختتام پر ملکی سلامتی اور ترقی کے لیے خصوصی دعا کی گئی۔ لاہور میں منعقدہ تقریب سے خطاب کرتے ہوئے رہنماؤں نے کہا کہ ملک میں سیاسی استحکام کے بغیر معاشی ترقی ممکن نہیں، تمام جماعتوں کو قومی مفاد میں اکٹھا ہونا ہوگا۔ شرکاء میں چوہدری محمد اسلم، رانا محمد اقبال، ملک عبدالرحمن، حاجی محمد ارشد، میاں محمد اشرف، سید علی رضا، محمد عارف خان اور دیگر شامل تھے۔ تقریب کے اختتام پر ملکی سلامتی اور ترقی کے لیے خصوصی دعا کی گئی۔ لاہور میں منعقدہ تقریب سے خطاب کرتے ہوئے رہنماؤں نے کہا کہ ملک میں سیاسی استحکام کے بغیر معاشی ترقی ممکن نہیں، تمام جماعتوں کو قومی مفاد میں اکٹھا ہونا ہوگا۔ شرکاء میں چوہدری محمد اسلم، رانا محمد اقبال، ملک عبدالرحمن، حاجی محمد ارشد، میاں محمد اشرف، سید علی رضا، محمد عارف خان اور دیگر شامل تھے۔ تقریب کے اختتام پر ملکی سلامتی اور ترقی کے لیے خصوصی دعا کی گئی۔ لاہور میں منعقدہ تقریب سے خطاب کرتے ہوئے رہنماؤں نے کہا کہ ملک میں سیاسی استحکام کے بغیر معاشی ترقی ممکن نہیں، تمام جماعتوں کو قومی مفاد میں اکٹھا ہونا ہوگا۔ شرکاء میں چوہدری محمد اسلم، رانا محمد اقبال، ملک عبدالرحمن، حاجی محمد ارشد، میاں محمد اشرف، سید علی رضا، محمد عارف خان اور دیگر شامل تھے۔ تقریب کے اختتام پر ملکی سلامتی اور ترقی کے لیے خصوصی دعا کی گئی۔ لاہور میں منعقدہ تقریب سے خطاب کرتے ہوئے رہنماؤں نے کہا کہ ملک میں سیاسی استحکام کے بغیر معاشی ترقی ممکن نہیں، تمام جماعتوں کو قومی مفاد میں اکٹھا ہونا ہوگا۔ شرکاء میں چوہدری محمد اسلم، رانا محمد اقبال، ملک عبدالرحمن، حاجی محمد ارشد، میاں محمد اشرف، سید علی رضا، محمد عارف خان اور دیگر شامل تھے۔ تقریب کے اختتام پر ملکی سلامتی اور ترقی کے لیے خصوصی دعا کی گئی۔ لاہور میں منعقدہ تقریب سے خطاب کرتے ہوئے رہنماؤں نے کہا کہ ملک میں سیاسی استحکام کے بغیر معاشی ترقی ممکن نہیں، تمام جماعتوں کو قومی مفاد میں اکٹھا ہونا ہوگا۔ شرکاء میں چوہدری محمد اسلم، رانا محمد اقبال، ملک عبدالرحمن، حاجی محمد ارشد، میاں محمد اشرف، سید علی رضا، محمد عارف خان اور دیگر شامل تھے۔ تقریب کے اختتام پر ملکی سلامتی اور ترقی کے لیے خصوصی دعا کی گئی۔ لاہور میں منعقدہ تقریب سے خطاب کرتے ہوئے رہنماؤں نے کہا کہ ملک میں سیاسی استحکام کے بغیر معاشی ترقی ممکن نہیں، تمام جماعتوں کو قومی مفاد میں اکٹھا ہونا ہوگا۔ شرکاء میں چوہدری محمد اسلم، رانا محمد اقبال، ملک عبدالرحمن، حاجی محمد ارشد، میاں محمد اشرف، سید علی رضا، محمد عارف خان اور دیگر شامل تھے۔ تقریب کے اختتام پر ملکی سلامتی اور ترقی کے لیے خصوصی دعا کی گئی۔ لاہور میں منعقدہ تقریب سے خطاب کرتے ہوئے رہنماؤں نے کہا کہ ملک میں سیاسی استحکام کے بغیر معاشی ترقی ممکن نہیں، تمام جماعتوں کو قومی مفاد میں اکٹھا ہونا ہوگا۔ شرکاء میں چوہدری محمد اسلم، رانا محمد اقبال، ملک عبدالرحمن، حاجی محمد ارشد، میاں محمد اشرف، سید علی رضا، محمد عارف خان اور دیگر شامل تھے۔ تقریب کے اختتام پر ملکی سلامتی اور ترقی کے لیے خصوصی دعا کی گئی۔ لاہور میں منعقدہ تقریب سے خطاب کرتے ہوئے رہنماؤں نے کہا کہ ملک میں سیاسی استحکام کے بغیر معاشی ترقی ممکن نہیں، تمام جماعتوں کو قومی مفاد میں اکٹھا ہونا ہوگا۔ شرکاء میں چوہدری محمد اسلم، رانا محمد اقبال، ملک عبدالرحمن، حاجی محمد ارشد، میاں محمد اشرف، سید علی رضا، محمد عارف خان اور دیگر شامل تھے۔ تقریب کے اختتام پر ملکی سلامتی اور ترقی کے لیے خصوصی دعا کی گئی۔ لاہور میں منعقدہ تقریب سے خطاب کرتے ہوئے رہنماؤں نے کہا کہ ملک میں سیاسی استحکام کے بغیر معاشی ترقی ممکن نہیں، تمام جماعتوں کو قومی مفاد میں اکٹھا ہونا ہوگا۔ شرکاء میں چوہدری محمد اسلم، رانا محمد اقبال، ملک عبدالرحمن، حاجی محمد ارشد، میاں محمد اشرف، سید علی رضا، محمد عارف خان اور دیگر شامل تھے۔ تقریب کے اختتام پر ملکی سلامتی اور ترقی کے لیے خصوصی دعا کی گئی۔ لاہور میں منعقدہ تقریب سے خطاب کرتے ہوئے رہنماؤں نے کہا کہ ملک میں سیاسی استحکام کے بغیر معاشی ترقی ممکن نہیں، تمام جماعتوں کو قومی مفاد میں اکٹھا ہونا ہوگا۔ شرکاء میں چوہدری محمد اسلم، رانا محمد اقبال، ملک عبدالرحمن، حاجی محمد ارشد، میاں محمد اشرف، سید علی رضا، محمد عارف خان اور دیگر شامل تھے۔ تقریب کے اختتام پر ملکی سلامتی اور ترقی کے لیے خصوصی دعا کی گئی۔ لاہور میں منعقدہ تقریب سے خطاب کرتے ہوئے رہنماؤں نے کہا کہ ملک میں سیاسی استحکام کے بغیر معاشی ترقی ممکن نہیں، تمام جماعتوں کو قومی مفاد میں اکٹھا ہونا ہوگا۔ شرکاء میں چوہدری محمد اسلم، رانا محمد اقبال، ملک عبدالرحمن، حاجی محمد ارشد، میاں محمد اشرف، سید علی رضا، محمد عارف خان اور دیگر شامل تھے۔ تقریب کے اختتام پر ملکی سلامتی اور ترقی کے لیے خصوصی دعا کی گئی۔ لاہور میں منعقدہ تقریب سے خطاب کرتے ہوئے رہنماؤں نے کہا کہ ملک میں سیاسی استحکام کے بغیر معاشی ترقی ممکن نہیں، تمام جماعتوں کو قومی مفاد میں اکٹھا ہونا ہوگا۔ شرکاء میں چوہدری محمد اسلم، رانا محمد اقبال، ملک عبدالرحمن، حاجی محمد ارشد، میاں محمد اشرف، سید علی رضا، محمد عارف خان اور دیگر شامل تھے۔ تقریب کے اختتام پر ملکی سلامتی اور ترقی کے لیے خصوصی دعا کی گئی۔ لاہور میں منعقدہ تقریب سے خطاب کرتے ہوئے رہنماؤں نے کہا کہ ملک میں سیاسی استحکام کے بغیر معاشی ترقی ممکن نہیں، تمام جماعتوں کو قومی مفاد میں اکٹھا ہونا ہوگا۔ شرکاء میں چوہدری محمد اسلم، رانا محمد اقبال، ملک عبدالرحمن، حاجی محمد ارشد، میاں محمد اشرف، سید علی رضا، محمد عارف خان اور دیگر شامل تھے۔ تقریب کے اختتام پر ملکی سلامتی اور ترقی کے لیے خصوصی دعا کی گئی۔
لاہور میں منعقدہ تقریب سے خطاب کرتے ہوئے رہنماؤں نے کہا کہ ملک میں سیاسی استحکام کے بغیر معاشی ترقی ممکن نہیں، تمام جماعتوں کو قومی مفاد میں اکٹھا ہونا ہوگا۔ شرکاء میں چوہدری محمد اسلم، رانا محمد اقبال، ملک عبدالرحمن، حاجی محمد ارشد، میاں محمد اشرف، سید علی رضا، محمد عارف خان اور دیگر شامل تھے۔ تقریب کے اختتام پر ملکی سلامتی اور ترقی کے لیے خصوصی دعا کی گئی۔ لاہور میں منعقدہ تقریب سے خطاب کرتے ہوئے رہنماؤں نے کہا کہ ملک میں سیاسی استحکام کے بغیر معاشی ترقی ممکن نہیں، تمام جماعتوں کو قومی مفاد میں اکٹھا ہونا ہوگا۔ شرکاء میں چوہدری محمد اسلم، رانا محمد اقبال، ملک عبدالرحمن، حاجی محمد ارشد، میاں محمد اشرف، سید علی رضا، محمد عارف خان اور دیگر شامل تھے۔ تقریب کے اختتام پر ملکی سلامتی اور ترقی کے لیے خصوصی دعا کی گئی۔ لاہور میں منعقدہ تقریب سے خطاب کرتے ہوئے رہنماؤں نے کہا کہ ملک میں سیاسی استحکام کے بغیر معاشی ترقی ممکن نہیں، تمام جماعتوں کو قومی مفاد میں اکٹھا ہونا ہوگا۔ شرکاء میں چوہدری محمد اسلم، رانا محمد اقبال، ملک عبدالرحمن، حاجی محمد ارشد، میاں محمد اشرف، سید علی رضا، محمد عارف خان اور دیگر شامل تھے۔ تقریب کے اختتام پر ملکی سلامتی اور ترقی کے لیے خصوصی دعا کی گئی۔ لاہور میں منعقدہ تقریب سے خطاب کرتے ہوئے رہنماؤں نے کہا کہ ملک میں سیاسی استحکام کے بغیر معاشی ترقی ممکن نہیں، تمام جماعتوں کو قومی مفاد میں اکٹھا ہونا ہوگا۔ شرکاء میں چوہدری محمد اسلم، رانا محمد اقبال، ملک عبدالرحمن، حاجی محمد ارشد، میاں محمد اشرف، سید علی رضا، محمد عارف خان اور دیگر شامل تھے۔ تقریب کے اختتام پر ملکی سلامتی اور ترقی کے لیے خصوصی دعا کی گئی۔ لاہور میں منعقدہ تقریب سے خطاب کرتے ہوئے رہنماؤں نے کہا کہ ملک میں سیاسی استحکام کے بغیر معاشی ترقی ممکن نہیں، تمام جماعتوں کو قومی مفاد میں اکٹھا ہونا ہوگا۔ شرکاء میں چوہدری محمد اسلم، رانا محمد اقبال، ملک عبدالرحمن، حاجی محمد ارشد، میاں محمد اشرف، سید علی رضا، محمد عارف خان اور دیگر شامل تھے۔ تقریب کے اختتام پر ملکی سلامتی اور ترقی کے لیے خصوصی دعا کی گئی۔ لاہور میں منعقدہ تقریب سے خطاب کرتے ہوئے رہنماؤں نے کہا کہ ملک میں سیاسی استحکام کے بغیر معاشی ترقی ممکن نہیں، تمام جماعتوں کو قومی مفاد میں اکٹھا ہونا ہوگا۔ شرکاء میں چوہدری محمد اسلم، رانا محمد اقبال، ملک عبدالرحمن، حاجی محمد ارشد، میاں محمد اشرف، سید علی رضا، محمد عارف خان اور دیگر شامل تھے۔ تقریب کے اختتام پر ملکی سلامتی اور ترقی کے لیے خصوصی دعا کی گئی۔ لاہور میں منعقدہ تقریب سے خطاب کرتے ہوئے رہنماؤں نے کہا کہ ملک میں سیاسی استحکام کے بغیر معاشی ترقی ممکن نہیں، تمام جماعتوں کو قومی مفاد میں اکٹھا ہونا ہوگا۔ شرکاء میں چوہدری محمد اسلم، رانا محمد اقبال، ملک عبدالرحمن، حاجی محمد ارشد، میاں محمد اشرف، سید علی رضا، محمد عارف خان اور دیگر شامل تھے۔ تقریب کے اختتام پر ملکی سلامتی اور ترقی کے لیے خصوصی دعا کی گئی۔ لاہور میں منعقدہ تقریب سے خطاب کرتے ہوئے رہنماؤں نے کہا کہ ملک میں سیاسی استحکام کے بغیر معاشی ترقی ممکن نہیں، تمام جماعتوں کو قومی مفاد میں اکٹھا ہونا ہوگا۔ شرکاء میں چوہدری محمد اسلم، رانا محمد اقبال، ملک عبدالرحمن، حاجی محمد ارشد، میاں محمد اشرف، سید علی رضا، محمد عارف خان اور دیگر شامل تھے۔ تقریب کے اختتام پر ملکی سلامتی اور ترقی کے لیے خصوصی دعا کی گئی۔ لاہور میں منعقدہ تقریب سے خطاب کرتے ہوئے رہنماؤں نے کہا کہ ملک میں سیاسی استحکام کے بغیر معاشی ترقی ممکن نہیں، تمام جماعتوں کو قومی مفاد میں اکٹھا ہونا ہوگا۔ شرکاء میں چوہدری محمد اسلم، رانا محمد اقبال، ملک عبدالرحمن، حاجی محمد ارشد، میاں محمد اشرف، سید علی رضا، محمد عارف خان اور دیگر شامل تھے۔ تقریب کے اختتام پر ملکی سلامتی اور ترقی کے لیے خصوصی دعا کی گئی۔ لاہور میں منعقدہ تقریب سے خطاب کرتے ہوئے رہنماؤں نے کہا کہ ملک میں سیاسی استحکام کے بغیر معاشی ترقی ممکن نہیں، تمام جماعتوں کو قومی مفاد میں اکٹھا ہونا ہوگا۔ شرکاء میں چوہدری محمد اسلم، رانا محمد اقبال، ملک عبدالرحمن، حاجی محمد ارشد، میاں محمد اشرف، سید علی رضا، محمد عارف خان اور دیگر شامل تھے۔ تقریب کے اختتام پر ملکی سلامتی اور ترقی کے لیے خصوصی دعا کی گئی۔ لاہور میں منعقدہ تقریب سے خطاب کرتے ہوئے رہنماؤں نے کہا کہ ملک میں سیاسی استحکام کے بغیر معاشی ترقی ممکن نہیں، تمام جماعتوں کو قومی مفاد میں اکٹھا ہونا ہوگا۔ شرکاء میں چوہدری محمد اسلم، رانا محمد اقبال، ملک عبدالرحمن، حاجی محمد ارشد، میاں محمد اشرف، سید علی رضا، محمد عارف خان اور دیگر شامل تھے۔ تقریب کے اختتام پر ملکی سلامتی اور ترقی کے لیے خصوصی دعا کی گئی۔ لاہور میں منعقدہ تقریب سے خطاب کرتے ہوئے رہنماؤں نے کہا کہ ملک میں سیاسی استحکام کے بغیر معاشی ترقی ممکن نہیں، تمام جماعتوں کو قومی مفاد میں اکٹھا ہونا ہوگا۔ شرکاء میں چوہدری محمد اسلم، رانا محمد اقبال، ملک عبدالرحمن، حاجی محمد ارشد، میاں محمد اشرف، سید علی رضا، محمد عارف خان اور دیگر شامل تھے۔ تقریب کے اختتام پر ملکی سلامتی اور ترقی کے لیے خصوصی دعا کی گئی۔ لاہور میں منعقدہ تقریب سے خطاب کرتے ہوئے رہنماؤں نے کہا کہ ملک میں سیاسی استحکام کے بغیر معاشی ترقی ممکن نہیں، تمام جماعتوں کو قومی مفاد میں اکٹھا ہونا ہوگا۔ شرکاء میں چوہدری محمد اسلم، رانا محمد اقبال، ملک عبدالرحمن، حاجی محمد ارشد، میاں محمد اشرف، سید علی رضا، محمد عارف خان اور دیگر شامل تھے۔ تقریب کے اختتام پر ملکی سلامتی اور ترقی کے لیے خصوصی دعا کی گئی۔ لاہور میں منعقدہ تقریب سے خطاب کرتے ہوئے رہنماؤں نے کہا کہ ملک میں سیاسی استحکام کے بغیر معاشی ترقی ممکن نہیں، تمام جماعتوں کو قومی مفاد میں اکٹھا ہونا ہوگا۔ شرکاء میں چوہدری محمد اسلم، رانا محمد اقبال، ملک عبدالرحمن، حاجی محمد ارشد، میاں محمد اشرف، سید علی رضا، محمد عارف خان اور دیگر شامل تھے۔ تقریب کے اختتام پر ملکی سلامتی اور ترقی کے لیے خصوصی دعا کی گئی۔
42
☆ چار نیوز ☆
چ
لاہور میں منعقدہ تقریب سے خطاب کرتے ہوئے رہنماؤں نے کہا کہ ملک میں سیاسی استحکام کے بغیر معاشی ترقی ممکن نہیں، تمام جماعتوں کو قومی مفاد میں اکٹھا ہونا ہوگا۔ شرکاء میں چوہدری محمد اسلم، رانا محمد اقبال، ملک عبدالرحمن، حاجی محمد ارشد، میاں محمد اشرف، سید علی رضا، محمد عارف خان اور دیگر شامل تھے۔ تقریب کے اختتام پر ملکی سلامتی اور ترقی کے لیے خصوصی دعا کی گئی۔ لاہور میں منعقدہ تقریب سے خطاب کرتے ہوئے رہنماؤں نے کہا کہ ملک میں سیاسی استحکام کے بغیر معاشی ترقی ممکن نہیں، تمام جماعتوں کو قومی مفاد میں اکٹھا ہونا ہوگا۔ شرکاء میں چوہدری محمد اسلم، رانا محمد اقبال، ملک عبدالرحمن، حاجی محمد ارشد، میاں محمد اشرف، سید علی رضا، محمد عارف خان اور دیگر شامل تھے۔ تقریب کے اختتام پر ملکی سلامتی اور ترقی کے لیے خصوصی دعا کی گئی۔ لاہور میں منعقدہ تقریب سے خطاب کرتے ہوئے رہنماؤں نے کہا کہ ملک میں سیاسی استحکام کے بغیر معاشی ترقی ممکن نہیں، تمام جماعتوں کو قومی مفاد میں اکٹھا ہونا ہوگا۔ شرکاء میں چوہدری محمد اسلم، رانا محمد اقبال، ملک عبدالرحمن، حاجی محمد ارشد، میاں محمد اشرف، سید علی رضا، محمد عارف خان اور دیگر شامل تھے۔ تقریب کے اختتام پر ملکی سلامتی اور ترقی کے لیے خصوصی دعا کی گئی۔ لاہور میں منعقدہ تقریب سے خطاب کرتے ہوئے رہنماؤں نے کہا کہ ملک میں سیاسی استحکام کے بغیر معاشی ترقی ممکن نہیں، تمام جماعتوں کو قومی مفاد میں اکٹھا ہونا ہوگا۔ شرکاء میں چوہدری محمد اسلم، رانا محمد اقبال، ملک عبدالرحمن، حاجی محمد ارشد، میاں محمد اشرف، سید علی رضا، محمد عارف خان اور دیگر شامل تھے۔ تقریب کے اختتام پر ملکی سلامتی اور ترقی کے لیے خصوصی دعا کی گئی۔ لاہور میں منعقدہ تقریب سے خطاب کرتے ہوئے رہنماؤں نے کہا کہ ملک میں سیاسی استحکام کے بغیر معاشی ترقی ممکن نہیں، تمام جماعتوں کو قومی مفاد میں اکٹھا ہونا ہوگا۔ شرکاء میں چوہدری محمد اسلم، رانا محمد اقبال، ملک عبدالرحمن، حاجی محمد ارشد، میاں محمد اشرف، سید علی رضا، محمد عارف خان اور دیگر شامل تھے۔ تقریب کے اختتام پر ملکی سلامتی اور ترقی کے لیے خصوصی دعا کی گئی۔ لاہور میں منعقدہ تقریب سے خطاب کرتے ہوئے رہنماؤں نے کہا کہ ملک میں سیاسی استحکام کے بغیر معاشی ترقی ممکن نہیں، تمام جماعتوں کو قومی مفاد میں اکٹھا ہونا ہوگا۔ شرکاء میں چوہدری محمد اسلم، رانا محمد اقبال، ملک عبدالرحمن، حاجی محمد ارشد، میاں محمد اشرف، سید علی رضا، محمد عارف خان اور دیگر شامل تھے۔ تقریب کے اختتام پر ملکی سلامتی اور ترقی کے لیے خصوصی دعا کی گئی۔ لاہور میں منعقدہ تقریب سے خطاب کرتے ہوئے رہنماؤں نے کہا کہ ملک میں سیاسی استحکام کے بغیر معاشی ترقی ممکن نہیں، تمام جماعتوں کو قومی مفاد میں اکٹھا ہونا ہوگا۔ شرکاء میں چوہدری محمد اسلم، رانا محمد اقبال، ملک عبدالرحمن، حاجی محمد ارشد، میاں محمد اشرف، سید علی رضا، محمد عارف خان اور دیگر شامل تھے۔ تقریب کے اختتام پر ملکی سلامتی اور ترقی کے لیے خصوصی دعا کی گئی۔ لاہور میں منعقدہ تقریب سے خطاب کرتے ہوئے رہنماؤں نے کہا کہ ملک میں سیاسی استحکام کے بغیر معاشی ترقی ممکن نہیں، تمام جماعتوں کو قومی مفاد میں اکٹھا ہونا ہوگا۔ شرکاء میں چوہدری محمد اسلم، رانا محمد اقبال، ملک عبدالرحمن، حاجی محمد ارشد، میاں محمد اشرف، سید علی رضا، محمد عارف خان اور دیگر شامل تھے۔ تقریب کے اختتام پر ملکی سلامتی اور ترقی کے لیے خصوصی دعا کی گئی۔ لاہور میں منعقدہ تقریب سے خطاب کرتے ہوئے رہنماؤں نے کہا کہ ملک میں سیاسی استحکام کے بغیر معاشی ترقی ممکن نہیں، تمام جماعتوں کو قومی مفاد میں اکٹھا ہونا ہوگا۔ شرکاء میں چوہدری محمد اسلم، رانا محمد اقبال، ملک عبدالرحمن، حاجی محمد ارشد، میاں محمد اشرف، سید علی رضا، محمد عارف خان اور دیگر شامل تھے۔ تقریب کے اختتام پر ملکی سلامتی اور ترقی کے لیے خصوصی دعا کی گئی۔ لاہور میں منعقدہ تقریب سے خطاب کرتے ہوئے رہنماؤں نے کہا کہ ملک میں سیاسی استحکام کے بغیر معاشی ترقی ممکن نہیں، تمام جماعتوں کو قومی مفاد میں اکٹھا ہونا ہوگا۔ شرکاء میں چوہدری محمد اسلم، رانا محمد اقبال، ملک عبدالرحمن، حاجی محمد ارشد، میاں محمد اشرف، سید علی رضا، محمد عارف خان اور دیگر شامل تھے۔ تقریب کے اختتام پر ملکی سلامتی اور ترقی کے لیے خصوصی دعا کی گئی۔ لاہور میں منعقدہ تقریب سے خطاب کرتے ہوئے رہنماؤں نے کہا کہ ملک میں سیاسی استحکام کے بغیر معاشی ترقی ممکن نہیں، تمام جماعتوں کو قومی مفاد میں اکٹھا ہونا ہوگا۔ شرکاء میں چوہدری محمد اسلم، رانا محمد اقبال، ملک عبدالرحمن، حاجی محمد ارشد، میاں محمد اشرف، سید علی رضا، محمد عارف خان اور دیگر شامل تھے۔ تقریب کے اختتام پر ملکی سلامتی اور ترقی کے لیے خصوصی دعا کی گئی۔ لاہور میں منعقدہ تقریب سے خطاب کرتے ہوئے رہنماؤں نے کہا کہ ملک میں سیاسی استحکام کے بغیر معاشی ترقی ممکن نہیں، تمام جماعتوں کو قومی مفاد میں اکٹھا ہونا ہوگا۔ شرکاء میں چوہدری محمد اسلم، رانا محمد اقبال، ملک عبدالرحمن، حاجی محمد ارشد، میاں محمد اشرف، سید علی رضا، محمد عارف خان اور دیگر شامل تھے۔ تقریب کے اختتام پر ملکی سلامتی اور ترقی کے لیے خصوصی دعا کی گئی۔ لاہور میں منعقدہ تقریب سے خطاب کرتے ہوئے رہنماؤں نے کہا کہ ملک میں سیاسی استحکام کے بغیر معاشی ترقی ممکن نہیں، تمام جماعتوں کو قومی مفاد میں اکٹھا ہونا ہوگا۔ شرکاء میں چوہدری محمد اسلم، رانا محمد اقبال، ملک عبدالرحمن، حاجی محمد ارشد، میاں محمد اشرف، سید علی رضا، محمد عارف خان اور دیگر شامل تھے۔ تقریب کے اختتام پر ملکی سلامتی اور ترقی کے لیے خصوصی دعا کی گئی۔ لاہور میں منعقدہ تقریب سے خطاب کرتے ہوئے رہنماؤں نے کہا کہ ملک میں سیاسی استحکام کے بغیر معاشی ترقی ممکن نہیں، تمام جماعتوں کو قومی مفاد میں اکٹھا ہونا ہوگا۔ شرکاء میں چوہدری محمد اسلم، رانا محمد اقبال، ملک عبدالرحمن، حاجی محمد ارشد، میاں محمد اشرف، سید علی رضا، محمد عارف خان اور دیگر شامل تھے۔ تقریب کے اختتام پر ملکی سلامتی اور ترقی کے لیے خصوصی دعا کی گئی۔
لاہور میں منعقدہ تقریب سے خطاب کرتے ہوئے رہنماؤں نے کہا کہ ملک میں سیاسی استحکام کے بغیر معاشی ترقی ممکن نہیں، تمام جماعتوں کو قومی مفاد میں اکٹھا ہونا ہوگا۔ شرکاء میں چوہدری محمد اسلم، رانا محمد اقبال، ملک عبدالرحمن، حاجی محمد ارشد، میاں محمد اشرف، سید علی رضا، محمد عارف خان اور دیگر شامل تھے۔ تقریب کے اختتام پر ملکی سلامتی اور ترقی کے لیے خصوصی دعا کی گئی۔ لاہور میں منعقدہ تقریب سے خطاب کرتے ہوئے رہنماؤں نے کہا کہ ملک میں سیاسی استحکام کے بغیر معاشی ترقی ممکن نہیں، تمام جماعتوں کو قومی مفاد میں اکٹھا ہونا ہوگا۔ شرکاء میں چوہدری محمد اسلم، رانا محمد اقبال، ملک عبدالرحمن، حاجی محمد ارشد، میاں محمد اشرف، سید علی رضا، محمد عارف خان اور دیگر شامل تھے۔ تقریب کے اختتام پر ملکی سلامتی اور ترقی کے لیے خصوصی دعا کی گئی۔ لاہور میں منعقدہ تقریب سے خطاب کرتے ہوئے رہنماؤں نے کہا کہ ملک میں سیاسی استحکام کے بغیر معاشی ترقی ممکن نہیں، تمام جماعتوں کو قومی مفاد میں اکٹھا ہونا ہوگا۔ شرکاء میں چوہدری محمد اسلم، رانا محمد اقبال، ملک عبدالرحمن، حاجی محمد ارشد، میاں محمد اشرف، سید علی رضا، محمد عارف خان اور دیگر شامل تھے۔ تقریب کے اختتام پر ملکی سلامتی اور ترقی کے لیے خصوصی دعا کی گئی۔ لاہور میں منعقدہ تقریب سے خطاب کرتے ہوئے رہنماؤں نے کہا کہ ملک میں سیاسی استحکام کے بغیر معاشی ترقی ممکن نہیں، تمام جماعتوں کو قومی مفاد میں اکٹھا ہونا ہوگا۔ شرکاء میں چوہدری محمد اسلم، رانا محمد اقبال، ملک عبدالرحمن، حاجی محمد ارشد، میاں محمد اشرف، سید علی رضا، محمد عارف خان اور دیگر شامل تھے۔ تقریب کے اختتام پر ملکی سلامتی اور ترقی کے لیے خصوصی دعا کی گئی۔ لاہور میں منعقدہ تقریب سے خطاب کرتے ہوئے رہنماؤں نے کہا کہ ملک میں سیاسی استحکام کے بغیر معاشی ترقی ممکن نہیں، تمام جماعتوں کو قومی مفاد میں اکٹھا ہونا ہوگا۔ شرکاء میں چوہدری محمد اسلم، رانا محمد اقبال، ملک عبدالرحمن، حاجی محمد ارشد، میاں محمد اشرف، سید علی رضا، محمد عارف خان اور دیگر شامل تھے۔ تقریب کے اختتام پر ملکی سلامتی اور ترقی کے لیے خصوصی دعا کی گئی۔ لاہور میں منعقدہ تقریب سے خطاب کرتے ہوئے رہنماؤں نے کہا کہ ملک میں سیاسی استحکام کے بغیر معاشی ترقی ممکن نہیں، تمام جماعتوں کو قومی مفاد میں اکٹھا ہونا ہوگا۔ شرکاء میں چوہدری محمد اسلم، رانا محمد اقبال، ملک عبدالرحمن، حاجی محمد ارشد، میاں محمد اشرف، سید علی رضا، محمد عارف خان اور دیگر شامل تھے۔ تقریب کے اختتام پر ملکی سلامتی اور ترقی کے لیے خصوصی دعا کی گئی۔ لاہور میں منعقدہ تقریب سے خطاب کرتے ہوئے رہنماؤں نے کہا کہ ملک میں سیاسی استحکام کے بغیر معاشی ترقی ممکن نہیں، تمام جماعتوں کو قومی مفاد میں اکٹھا ہونا ہوگا۔ شرکاء میں چوہدری محمد اسلم، رانا محمد اقبال، ملک عبدالرحمن، حاجی محمد ارشد، میاں محمد اشرف، سید علی رضا، محمد عارف خان اور دیگر شامل تھے۔ تقریب کے اختتام پر ملکی سلامتی اور ترقی کے لیے خصوصی دعا کی گئی۔ لاہور میں منعقدہ تقریب سے خطاب کرتے ہوئے رہنماؤں نے کہا کہ ملک میں سیاسی استحکام کے بغیر معاشی ترقی ممکن نہیں، تمام جماعتوں کو قومی مفاد میں اکٹھا ہونا ہوگا۔ شرکاء میں چوہدری محمد اسلم، رانا محمد اقبال، ملک عبدالرحمن، حاجی محمد ارشد، میاں محمد اشرف، سید علی رضا، محمد عارف خان اور دیگر شامل تھے۔ تقریب کے اختتام پر ملکی سلامتی اور ترقی کے لیے خصوصی دعا کی گئی۔ لاہور میں منعقدہ تقریب سے خطاب کرتے ہوئے رہنماؤں نے کہا کہ ملک میں سیاسی استحکام کے بغیر معاشی ترقی ممکن نہیں، تمام جماعتوں کو قومی مفاد میں اکٹھا ہونا ہوگا۔ شرکاء میں چوہدری محمد اسلم، رانا محمد اقبال، ملک عبدالرحمن، حاجی محمد ارشد، میاں محمد اشرف، سید علی رضا، محمد عارف خان اور دیگر شامل تھے۔ تقریب کے اختتام پر ملکی سلامتی اور ترقی کے لیے خصوصی دعا کی گئی۔ لاہور میں منعقدہ تقریب سے خطاب کرتے ہوئے رہنماؤں نے کہا کہ ملک میں سیاسی استحکام کے بغیر معاشی ترقی ممکن نہیں، تمام جماعتوں کو قومی مفاد میں اکٹھا ہونا ہوگا۔ شرکاء میں چوہدری محمد اسلم، رانا محمد اقبال، ملک عبدالرحمن، حاجی محمد ارشد، میاں محمد اشرف، سید علی رضا، محمد عارف خان اور دیگر شامل تھے۔ تقریب کے اختتام پر ملکی سلامتی اور ترقی کے لیے خصوصی دعا کی گئی۔ لاہور میں منعقدہ تقریب سے خطاب کرتے ہوئے رہنماؤں نے کہا کہ ملک میں سیاسی استحکام کے بغیر معاشی ترقی ممکن نہیں، تمام جماعتوں کو قومی مفاد میں اکٹھا ہونا ہوگا۔ شرکاء میں چوہدری محمد اسلم، رانا محمد اقبال، ملک عبدالرحمن، حاجی محمد ارشد، میاں محمد اشرف، سید علی رضا، محمد عارف خان اور دیگر شامل تھے۔ تقریب کے اختتام پر ملکی سلامتی اور ترقی کے لیے خصوصی دعا کی گئی۔ لاہور میں منعقدہ تقریب سے خطاب کرتے ہوئے رہنماؤں نے کہا کہ ملک میں سیاسی استحکام کے بغیر معاشی ترقی ممکن نہیں، تمام جماعتوں کو قومی مفاد میں اکٹھا ہونا ہوگا۔ شرکاء میں چوہدری محمد اسلم، رانا محمد اقبال، ملک عبدالرحمن، حاجی محمد ارشد، میاں محمد اشرف، سید علی رضا، محمد عارف خان اور دیگر شامل تھے۔ تقریب کے اختتام پر ملکی سلامتی اور ترقی کے لیے خصوصی دعا کی گئی۔ لاہور میں منعقدہ تقریب سے خطاب کرتے ہوئے رہنماؤں نے کہا کہ ملک میں سیاسی استحکام کے بغیر معاشی ترقی ممکن نہیں، تمام جماعتوں کو قومی مفاد میں اکٹھا ہونا ہوگا۔ شرکاء میں چوہدری محمد اسلم، رانا محمد اقبال، ملک عبدالرحمن، حاجی محمد ارشد، میاں محمد اشرف، سید علی رضا، محمد عارف خان اور دیگر شامل تھے۔ تقریب کے اختتام پر ملکی سلامتی اور ترقی کے لیے خصوصی دعا کی گئی۔ لاہور میں منعقدہ تقریب سے خطاب کرتے ہوئے رہنماؤں نے کہا کہ ملک میں سیاسی استحکام کے بغیر معاشی ترقی ممکن نہیں، تمام جماعتوں کو قومی مفاد میں اکٹھا ہونا ہوگا۔ شرکاء میں چوہدری محمد اسلم، رانا محمد اقبال، ملک عبدالرحمن، حاجی محمد ارشد، میاں محمد اشرف، سید علی رضا، محمد عارف خان اور دیگر شامل تھے۔ تقریب کے اختتام پر ملکی سلامتی اور ترقی کے لیے خصوصی دعا کی گئی۔
لاہور میں منعقدہ تقریب سے خطاب کرتے ہوئے رہنماؤں نے کہا کہ ملک میں سیاسی استحکام کے بغیر معاشی ترقی ممکن نہیں، تمام جماعتوں کو قومی مفاد میں اکٹھا ہونا ہوگا۔ شرکاء میں چوہدری محمد اسلم، رانا محمد اقبال، ملک عبدالرحمن، حاجی محمد ارشد، میاں محمد اشرف، سید علی رضا، محمد عارف خان اور دیگر شامل تھے۔ تقریب کے اختتام پر ملکی سلامتی اور ترقی کے لیے خصوصی دعا کی گئی۔ لاہور میں منعقدہ تقریب سے خطاب کرتے ہوئے رہنماؤں نے کہا کہ ملک میں سیاسی استحکام کے بغیر معاشی ترقی ممکن نہیں، تمام جماعتوں کو قومی مفاد میں اکٹھا ہونا ہوگا۔ شرکاء میں چوہدری محمد اسلم، رانا محمد اقبال، ملک عبدالرحمن، حاجی محمد ارشد، میاں محمد اشرف، سید علی رضا، محمد عارف خان اور دیگر شامل تھے۔ تقریب کے اختتام پر ملکی سلامتی اور ترقی کے لیے خصوصی دعا کی گئی۔ لاہور میں منعقدہ تقریب سے خطاب کرتے ہوئے رہنماؤں نے کہا کہ ملک میں سیاسی استحکام کے بغیر معاشی ترقی ممکن نہیں، تمام جماعتوں کو قومی مفاد میں اکٹھا ہونا ہوگا۔ شرکاء میں چوہدری محمد اسلم، رانا محمد اقبال، ملک عبدالرحمن، حاجی محمد ارشد، میاں محمد اشرف، سید علی رضا، محمد عارف خان اور دیگر شامل تھے۔ تقریب کے اختتام پر ملکی سلامتی اور ترقی کے لیے خصوصی دعا کی گئی۔ لاہور میں منعقدہ تقریب سے خطاب کرتے ہوئے رہنماؤں نے کہا کہ ملک میں سیاسی استحکام کے بغیر معاشی ترقی ممکن نہیں، تمام جماعتوں کو قومی مفاد میں اکٹھا ہونا ہوگا۔ شرکاء میں چوہدری محمد اسلم، رانا محمد اقبال، ملک عبدالرحمن، حاجی محمد ارشد، میاں محمد اشرف، سید علی رضا، محمد عارف خان اور دیگر شامل تھے۔ تقریب کے اختتام پر ملکی سلامتی اور ترقی کے لیے خصوصی دعا کی گئی۔ لاہور میں منعقدہ تقریب سے خطاب کرتے ہوئے رہنماؤں نے کہا کہ ملک میں سیاسی استحکام کے بغیر معاشی ترقی ممکن نہیں، تمام جماعتوں کو قومی مفاد میں اکٹھا ہونا ہوگا۔ شرکاء میں چوہدری محمد اسلم، رانا محمد اقبال، ملک عبدالرحمن، حاجی محمد ارشد، میاں محمد اشرف، سید علی رضا، محمد عارف خان اور دیگر شامل تھے۔ تقریب کے اختتام پر ملکی سلامتی اور ترقی کے لیے خصوصی دعا کی گئی۔ لاہور میں منعقدہ تقریب سے خطاب کرتے ہوئے رہنماؤں نے کہا کہ ملک میں سیاسی استحکام کے بغیر معاشی ترقی ممکن نہیں، تمام جماعتوں کو قومی مفاد میں اکٹھا ہونا ہوگا۔ شرکاء میں چوہدری محمد اسلم، رانا محمد اقبال، ملک عبدالرحمن، حاجی محمد ارشد، میاں محمد اشرف، سید علی رضا، محمد عارف خان اور دیگر شامل تھے۔ تقریب کے اختتام پر ملکی سلامتی اور ترقی کے لیے خصوصی دعا کی گئی۔ لاہور میں منعقدہ تقریب سے خطاب کرتے ہوئے رہنماؤں نے کہا کہ ملک میں سیاسی استحکام کے بغیر معاشی ترقی ممکن نہیں، تمام جماعتوں کو قومی مفاد میں اکٹھا ہونا ہوگا۔ شرکاء میں چوہدری محمد اسلم، رانا محمد اقبال، ملک عبدالرحمن، حاجی محمد ارشد، میاں محمد اشرف، سید علی رضا، محمد عارف خان اور دیگر شامل تھے۔ تقریب کے اختتام پر ملکی سلامتی اور ترقی کے لیے خصوصی دعا کی گئی۔ لاہور میں منعقدہ تقریب سے خطاب کرتے ہوئے رہنماؤں نے کہا کہ ملک میں سیاسی استحکام کے بغیر معاشی ترقی ممکن نہیں، تمام جماعتوں کو قومی مفاد میں اکٹھا ہونا ہوگا۔ شرکاء میں چوہدری محمد اسلم، رانا محمد اقبال، ملک عبدالرحمن، حاجی محمد ارشد، میاں محمد اشرف، سید علی رضا، محمد عارف خان اور دیگر شامل تھے۔ تقریب کے اختتام پر ملکی سلامتی اور ترقی کے لیے خصوصی دعا کی گئی۔ لاہور میں منعقدہ تقریب سے خطاب کرتے ہوئے رہنماؤں نے کہا کہ ملک میں سیاسی استحکام کے بغیر معاشی ترقی ممکن نہیں، تمام جماعتوں کو قومی مفاد میں اکٹھا ہونا ہوگا۔ شرکاء میں چوہدری محمد اسلم، رانا محمد اقبال، ملک عبدالرحمن، حاجی محمد ارشد، میاں محمد اشرف، سید علی رضا، محمد عارف خان اور دیگر شامل تھے۔ تقریب کے اختتام پر ملکی سلامتی اور ترقی کے لیے خصوصی دعا کی گئی۔ لاہور میں منعقدہ تقریب سے خطاب کرتے ہوئے رہنماؤں نے کہا کہ ملک میں سیاسی استحکام کے بغیر معاشی ترقی ممکن نہیں، تمام جماعتوں کو قومی مفاد میں اکٹھا ہونا ہوگا۔ شرکاء میں چوہدری محمد اسلم، رانا محمد اقبال، ملک عبدالرحمن، حاجی محمد ارشد، میاں محمد اشرف، سید علی رضا، محمد عارف خان اور دیگر شامل تھے۔ تقریب کے اختتام پر ملکی سلامتی اور ترقی کے لیے خصوصی دعا کی گئی۔ لاہور میں منعقدہ تقریب سے خطاب کرتے ہوئے رہنماؤں نے کہا کہ ملک میں سیاسی استحکام کے بغیر معاشی ترقی ممکن نہیں، تمام جماعتوں کو قومی مفاد میں اکٹھا ہونا ہوگا۔ شرکاء میں چوہدری محمد اسلم، رانا محمد اقبال، ملک عبدالرحمن، حاجی محمد ارشد، میاں محمد اشرف، سید علی رضا، محمد عارف خان اور دیگر شامل تھے۔ تقریب کے اختتام پر ملکی سلامتی اور ترقی کے لیے خصوصی دعا کی گئی۔ لاہور میں منعقدہ تقریب سے خطاب کرتے ہوئے رہنماؤں نے کہا کہ ملک میں سیاسی استحکام کے بغیر معاشی ترقی ممکن نہیں، تمام جماعتوں کو قومی مفاد میں اکٹھا ہونا ہوگا۔ شرکاء میں چوہدری محمد اسلم، رانا محمد اقبال، ملک عبدالرحمن، حاجی محمد ارشد، میاں محمد اشرف، سید علی رضا، محمد عارف خان اور دیگر شامل تھے۔ تقریب کے اختتام پر ملکی سلامتی اور ترقی کے لیے خصوصی دعا کی گئی۔ لاہور میں منعقدہ تقریب سے خطاب کرتے ہوئے رہنماؤں نے کہا کہ ملک میں سیاسی استحکام کے بغیر معاشی ترقی ممکن نہیں، تمام جماعتوں کو قومی مفاد میں اکٹھا ہونا ہوگا۔ شرکاء میں چوہدری محمد اسلم، رانا محمد اقبال، ملک عبدالرحمن، حاجی محمد ارشد، میاں محمد اشرف، سید علی رضا، محمد عارف خان اور دیگر شامل تھے۔ تقریب کے اختتام پر ملکی سلامتی اور ترقی کے لیے خصوصی دعا کی گئی۔ لاہور میں منعقدہ تقریب سے خطاب کرتے ہوئے رہنماؤں نے کہا کہ ملک میں سیاسی استحکام کے بغیر معاشی ترقی ممکن نہیں، تمام جماعتوں کو قومی مفاد میں اکٹھا ہونا ہوگا۔ شرکاء میں چوہدری محمد اسلم، رانا محمد اقبال، ملک عبدالرحمن، حاجی محمد ارشد، میاں محمد اشرف، سید علی رضا، محمد عارف خان اور دیگر شامل تھے۔ تقریب کے اختتام پر ملکی سلامتی اور ترقی کے لیے خصوصی دعا کی گئی۔
43
☆ چار نیوز ☆
چ
لاہور میں منعقدہ تقریب سے خطاب کرتے ہوئے رہنماؤں نے کہا کہ ملک میں سیاسی استحکام کے بغیر معاشی ترقی ممکن نہیں، تمام جماعتوں کو قومی مفاد میں اکٹھا ہونا ہوگا۔ شرکاء میں چوہدری محمد اسلم، رانا محمد اقبال، ملک عبدالرحمن، حاجی محمد ارشد، میاں محمد اشرف، سید علی رضا، محمد عارف خان اور دیگر شامل تھے۔ تقریب کے اختتام پر ملکی سلامتی اور ترقی کے لیے خصوصی دعا کی گئی۔ لاہور میں منعقدہ تقریب سے خطاب کرتے ہوئے رہنماؤں نے کہا کہ ملک میں سیاسی استحکام کے بغیر معاشی ترقی ممکن نہیں، تمام جماعتوں کو قومی مفاد میں اکٹھا ہونا ہوگا۔ شرکاء میں چوہدری محمد اسلم، رانا محمد اقبال، ملک عبدالرحمن، حاجی محمد ارشد، میاں محمد اشرف، سید علی رضا، محمد عارف خان اور دیگر شامل تھے۔ تقریب کے اختتام پر ملکی سلامتی اور ترقی کے لیے خصوصی دعا کی گئی۔ لاہور میں منعقدہ تقریب سے خطاب کرتے ہوئے رہنماؤں نے کہا کہ ملک میں سیاسی استحکام کے بغیر معاشی ترقی ممکن نہیں، تمام جماعتوں کو قومی مفاد میں اکٹھا ہونا ہوگا۔ شرکاء میں چوہدری محمد اسلم، رانا محمد اقبال، ملک عبدالرحمن، حاجی محمد ارشد، میاں محمد اشرف، سید علی رضا، محمد عارف خان اور دیگر شامل تھے۔ تقریب کے اختتام پر ملکی سلامتی اور ترقی کے لیے خصوصی دعا کی گئی۔ لاہور میں منعقدہ تقریب سے خطاب کرتے ہوئے رہنماؤں نے کہا کہ ملک میں سیاسی استحکام کے بغیر معاشی ترقی ممکن نہیں، تمام جماعتوں کو قومی مفاد میں اکٹھا ہونا ہوگا۔ شرکاء میں چوہدری محمد اسلم، رانا محمد اقبال، ملک عبدالرحمن، حاجی محمد ارشد، میاں محمد اشرف، سید علی رضا، محمد عارف خان اور دیگر شامل تھے۔ تقریب کے اختتام پر ملکی سلامتی اور ترقی کے لیے خصوصی دعا کی گئی۔ لاہور میں منعقدہ تقریب سے خطاب کرتے ہوئے رہنماؤں نے کہا کہ ملک میں سیاسی استحکام کے بغیر معاشی ترقی ممکن نہیں، تمام جماعتوں کو قومی مفاد میں اکٹھا ہونا ہوگا۔ شرکاء میں چوہدری محمد اسلم، رانا محمد اقبال، ملک عبدالرحمن، حاجی محمد ارشد، میاں محمد اشرف، سید علی رضا، محمد عارف خان اور دیگر شامل تھے۔ تقریب کے اختتام پر ملکی سلامتی اور ترقی کے لیے خصوصی دعا کی گئی۔ لاہور میں منعقدہ تقریب سے خطاب کرتے ہوئے رہنماؤں نے کہا کہ ملک میں سیاسی استحکام کے بغیر معاشی ترقی ممکن نہیں، تمام جماعتوں کو قومی مفاد میں اکٹھا ہونا ہوگا۔ شرکاء میں چوہدری محمد اسلم، رانا محمد اقبال، ملک عبدالرحمن، حاجی محمد ارشد، میاں محمد اشرف، سید علی رضا، محمد عارف خان اور دیگر شامل تھے۔ تقریب کے اختتام پر ملکی سلامتی اور ترقی کے لیے خصوصی دعا کی گئی۔ لاہور میں منعقدہ تقریب سے خطاب کرتے ہوئے رہنماؤں نے کہا کہ ملک میں سیاسی استحکام کے بغیر معاشی ترقی ممکن نہیں، تمام جماعتوں کو قومی مفاد میں اکٹھا ہونا ہوگا۔ شرکاء میں چوہدری محمد اسلم، رانا محمد اقبال، ملک عبدالرحمن، حاجی محمد ارشد، میاں محمد اشرف، سید علی رضا، محمد عارف خان اور دیگر شامل تھے۔ تقریب کے اختتام پر ملکی سلامتی اور ترقی کے لیے خصوصی دعا کی گئی۔ لاہور میں منعقدہ تقریب سے خطاب کرتے ہوئے رہنماؤں نے کہا کہ ملک میں سیاسی استحکام کے بغیر معاشی ترقی ممکن نہیں، تمام جماعتوں کو قومی مفاد میں اکٹھا ہونا ہوگا۔ شرکاء میں چوہدری محمد اسلم، رانا محمد اقبال، ملک عبدالرحمن، حاجی محمد ارشد، میاں محمد اشرف، سید علی رضا، محمد عارف خان اور دیگر شامل تھے۔ تقریب کے اختتام پر ملکی سلامتی اور ترقی کے لیے خصوصی دعا کی گئی۔ لاہور میں منعقدہ تقریب سے خطاب کرتے ہوئے رہنماؤں نے کہا کہ ملک میں سیاسی استحکام کے بغیر معاشی ترقی ممکن نہیں، تمام جماعتوں کو قومی مفاد میں اکٹھا ہونا ہوگا۔ شرکاء میں چوہدری محمد اسلم، رانا محمد اقبال، ملک عبدالرحمن، حاجی محمد ارشد، میاں محمد اشرف، سید علی رضا، محمد عارف خان اور دیگر شامل تھے۔ تقریب کے اختتام پر ملکی سلامتی اور ترقی کے لیے خصوصی دعا کی گئی۔ لاہور میں منعقدہ تقریب سے خطاب کرتے ہوئے رہنماؤں نے کہا کہ ملک میں سیاسی استحکام کے بغیر معاشی ترقی ممکن نہیں، تمام جماعتوں کو قومی مفاد میں اکٹھا ہونا ہوگا۔ شرکاء میں چوہدری محمد اسلم، رانا محمد اقبال، ملک عبدالرحمن، حاجی محمد ارشد، میاں محمد اشرف، سید علی رضا، محمد عارف خان اور دیگر شامل تھے۔ تقریب کے اختتام پر ملکی سلامتی اور ترقی کے لیے خصوصی دعا کی گئی۔ لاہور میں منعقدہ تقریب سے خطاب کرتے ہوئے رہنماؤں نے کہا کہ ملک میں سیاسی استحکام کے بغیر معاشی ترقی ممکن نہیں، تمام جماعتوں کو قومی مفاد میں اکٹھا ہونا ہوگا۔ شرکاء میں چوہدری محمد اسلم، رانا محمد اقبال، ملک عبدالرحمن، حاجی محمد ارشد، میاں محمد اشرف، سید علی رضا، محمد عارف خان اور دیگر شامل تھے۔ تقریب کے اختتام پر ملکی سلامتی اور ترقی کے لیے خصوصی دعا کی گئی۔ لاہور میں منعقدہ تقریب سے خطاب کرتے ہوئے رہنماؤں نے کہا کہ ملک میں سیاسی استحکام کے بغیر معاشی ترقی ممکن نہیں، تمام جماعتوں کو قومی مفاد میں اکٹھا ہونا ہوگا۔ شرکاء میں چوہدری محمد اسلم، رانا محمد اقبال، ملک عبدالرحمن، حاجی محمد ارشد، میاں محمد اشرف، سید علی رضا، محمد عارف خان اور دیگر شامل تھے۔ تقریب کے اختتام پر ملکی سلامتی اور ترقی کے لیے خصوصی دعا کی گئی۔ لاہور میں منعقدہ تقریب سے خطاب کرتے ہوئے رہنماؤں نے کہا کہ ملک میں سیاسی استحکام کے بغیر معاشی ترقی ممکن نہیں، تمام جماعتوں کو قومی مفاد میں اکٹھا ہونا ہوگا۔ شرکاء میں چوہدری محمد اسلم، رانا محمد اقبال، ملک عبدالرحمن، حاجی محمد ارشد، میاں محمد اشرف، سید علی رضا، محمد عارف خان اور دیگر شامل تھے۔ تقریب کے اختتام پر ملکی سلامتی اور ترقی کے لیے خصوصی دعا کی گئی۔ لاہور میں منعقدہ تقریب سے خطاب کرتے ہوئے رہنماؤں نے کہا کہ ملک میں سیاسی استحکام کے بغیر معاشی ترقی ممکن نہیں، تمام جماعتوں کو قومی مفاد میں اکٹھا ہونا ہوگا۔ شرکاء میں چوہدری محمد اسلم، رانا محمد اقبال، ملک عبدالرحمن، حاجی محمد ارشد، میاں محمد اشرف، سید علی رضا، محمد عارف خان اور دیگر شامل تھے۔ تقریب کے اختتام پر ملکی سلامتی اور ترقی کے لیے خصوصی دعا کی گئی۔
